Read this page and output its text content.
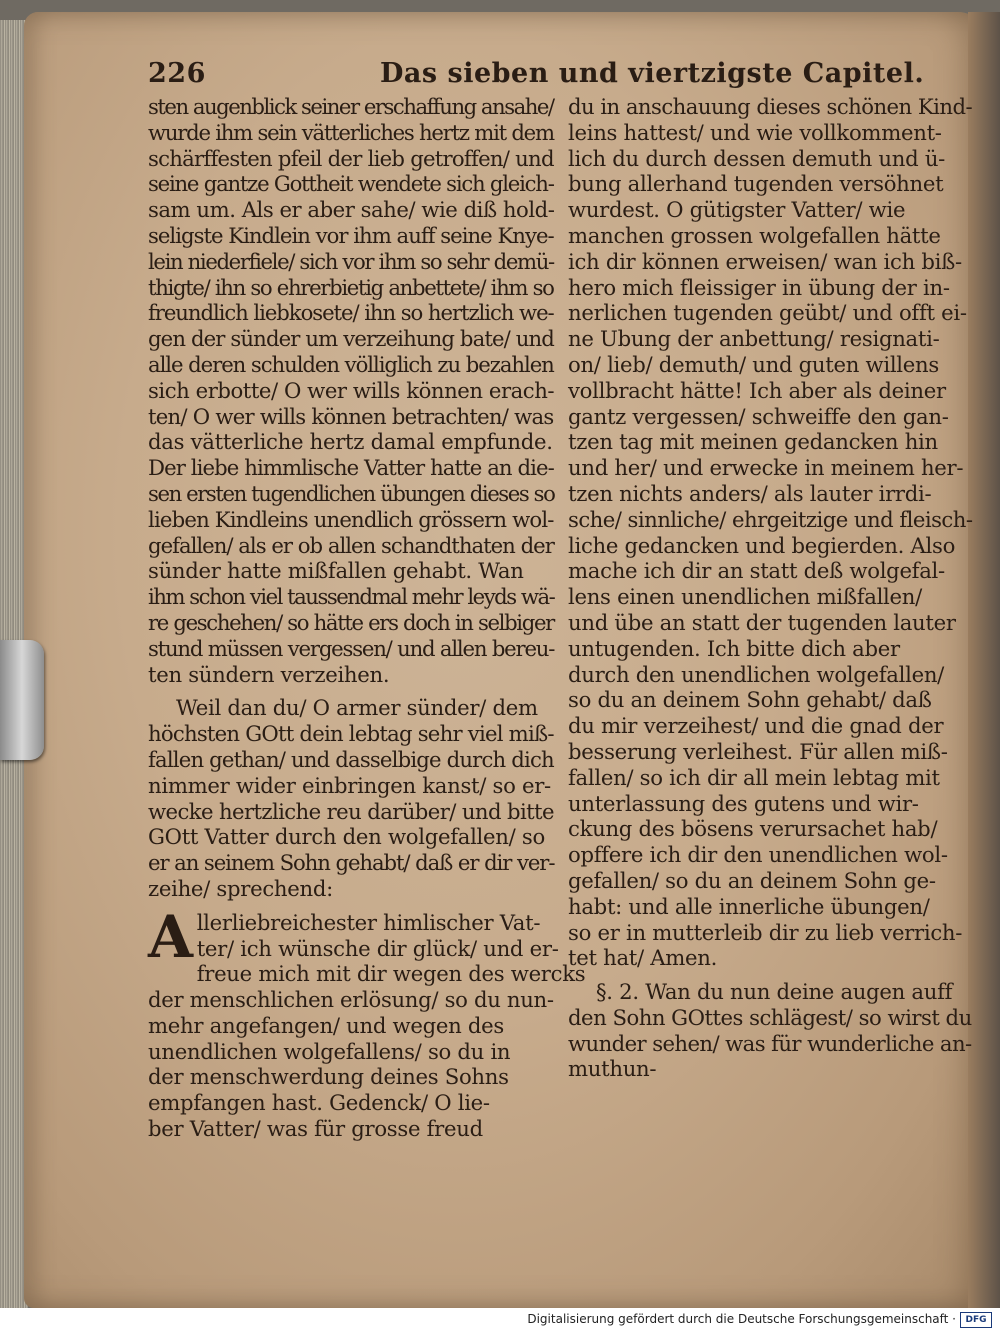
226	Das sieben und viertzigste Capitel.
sten augenblick seiner erschaffung ansahe/
wurde ihm sein vätterliches hertz mit dem
schärffesten pfeil der lieb getroffen/ und
seine gantze Gottheit wendete sich gleich-
sam um. Als er aber sahe/ wie diß hold-
seligste Kindlein vor ihm auff seine Knye-
lein niederfiele/ sich vor ihm so sehr demü-
thigte/ ihn so ehrerbietig anbettete/ ihm so
freundlich liebkosete/ ihn so hertzlich we-
gen der sünder um verzeihung bate/ und
alle deren schulden völliglich zu bezahlen
sich erbotte/ O wer wills können erach-
ten/ O wer wills können betrachten/ was
das vätterliche hertz damal empfunde.
Der liebe himmlische Vatter hatte an die-
sen ersten tugendlichen übungen dieses so
lieben Kindleins unendlich grössern wol-
gefallen/ als er ob allen schandthaten der
sünder hatte mißfallen gehabt. Wan
ihm schon viel taussendmal mehr leyds wä-
re geschehen/ so hätte ers doch in selbiger
stund müssen vergessen/ und allen bereu-
ten sündern verzeihen.
Weil dan du/ O armer sünder/ dem
höchsten GOtt dein lebtag sehr viel miß-
fallen gethan/ und dasselbige durch dich
nimmer wider einbringen kanst/ so er-
wecke hertzliche reu darüber/ und bitte
GOtt Vatter durch den wolgefallen/ so
er an seinem Sohn gehabt/ daß er dir ver-
zeihe/ sprechend:
A llerliebreichester himlischer Vat-
ter/ ich wünsche dir glück/ und er-
freue mich mit dir wegen des wercks
der menschlichen erlösung/ so du nun-
mehr angefangen/ und wegen des
unendlichen wolgefallens/ so du in
der menschwerdung deines Sohns
empfangen hast. Gedenck/ O lie-
ber Vatter/ was für grosse freud
du in anschauung dieses schönen Kind-
leins hattest/ und wie vollkomment-
lich du durch dessen demuth und ü-
bung allerhand tugenden versöhnet
wurdest. O gütigster Vatter/ wie
manchen grossen wolgefallen hätte
ich dir können erweisen/ wan ich biß-
hero mich fleissiger in übung der in-
nerlichen tugenden geübt/ und offt ei-
ne Ubung der anbettung/ resignati-
on/ lieb/ demuth/ und guten willens
vollbracht hätte! Ich aber als deiner
gantz vergessen/ schweiffe den gan-
tzen tag mit meinen gedancken hin
und her/ und erwecke in meinem her-
tzen nichts anders/ als lauter irrdi-
sche/ sinnliche/ ehrgeitzige und fleisch-
liche gedancken und begierden. Also
mache ich dir an statt deß wolgefal-
lens einen unendlichen mißfallen/
und übe an statt der tugenden lauter
untugenden. Ich bitte dich aber
durch den unendlichen wolgefallen/
so du an deinem Sohn gehabt/ daß
du mir verzeihest/ und die gnad der
besserung verleihest. Für allen miß-
fallen/ so ich dir all mein lebtag mit
unterlassung des gutens und wir-
ckung des bösens verursachet hab/
opffere ich dir den unendlichen wol-
gefallen/ so du an deinem Sohn ge-
habt: und alle innerliche übungen/
so er in mutterleib dir zu lieb verrich-
tet hat/ Amen.
§. 2. Wan du nun deine augen auff
den Sohn GOttes schlägest/ so wirst du
wunder sehen/ was für wunderliche an-
muthun-
Digitalisierung gefördert durch die Deutsche Forschungsgemeinschaft ·	DFG
